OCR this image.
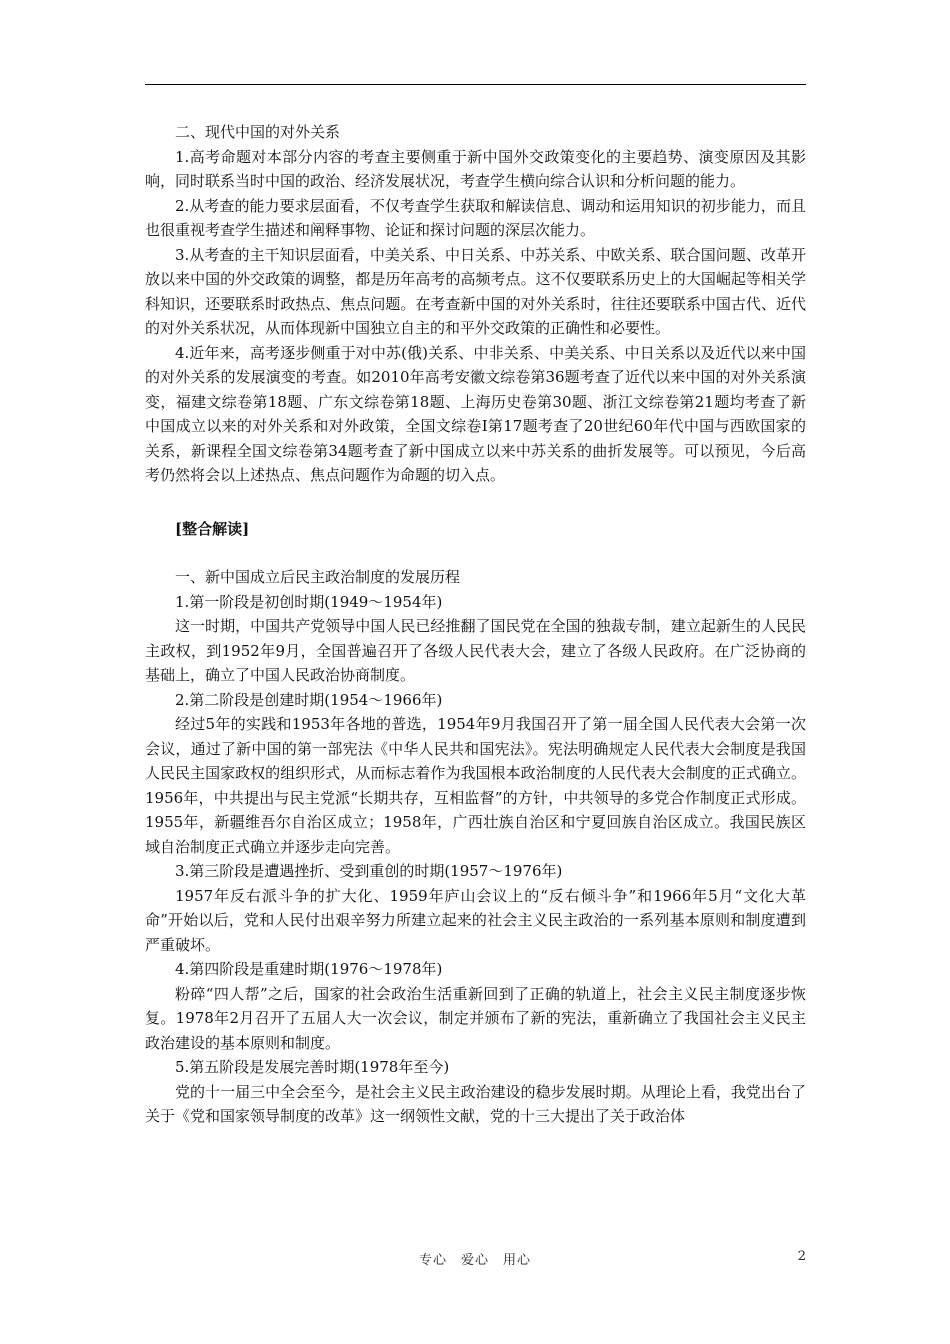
二、现代中国的对外关系

1.高考命题对本部分内容的考查主要侧重于新中国外交政策变化的主要趋势、演变原因及其影响，同时联系当时中国的政治、经济发展状况，考查学生横向综合认识和分析问题的能力。

2.从考查的能力要求层面看，不仅考查学生获取和解读信息、调动和运用知识的初步能力，而且也很重视考查学生描述和阐释事物、论证和探讨问题的深层次能力。

3.从考查的主干知识层面看，中美关系、中日关系、中苏关系、中欧关系、联合国问题、改革开放以来中国的外交政策的调整，都是历年高考的高频考点。这不仅要联系历史上的大国崛起等相关学科知识，还要联系时政热点、焦点问题。在考查新中国的对外关系时，往往还要联系中国古代、近代的对外关系状况，从而体现新中国独立自主的和平外交政策的正确性和必要性。

4.近年来，高考逐步侧重于对中苏(俄)关系、中非关系、中美关系、中日关系以及近代以来中国的对外关系的发展演变的考查。如2010年高考安徽文综卷第36题考查了近代以来中国的对外关系演变，福建文综卷第18题、广东文综卷第18题、上海历史卷第30题、浙江文综卷第21题均考查了新中国成立以来的对外关系和对外政策，全国文综卷Ⅰ第17题考查了20世纪60年代中国与西欧国家的关系，新课程全国文综卷第34题考查了新中国成立以来中苏关系的曲折发展等。可以预见，今后高考仍然将会以上述热点、焦点问题作为命题的切入点。

[整合解读]

一、新中国成立后民主政治制度的发展历程

1.第一阶段是初创时期(1949～1954年)

这一时期，中国共产党领导中国人民已经推翻了国民党在全国的独裁专制，建立起新生的人民民主政权，到1952年9月，全国普遍召开了各级人民代表大会，建立了各级人民政府。在广泛协商的基础上，确立了中国人民政治协商制度。

2.第二阶段是创建时期(1954～1966年)

经过5年的实践和1953年各地的普选，1954年9月我国召开了第一届全国人民代表大会第一次会议，通过了新中国的第一部宪法《中华人民共和国宪法》。宪法明确规定人民代表大会制度是我国人民民主国家政权的组织形式，从而标志着作为我国根本政治制度的人民代表大会制度的正式确立。1956年，中共提出与民主党派“长期共存，互相监督”的方针，中共领导的多党合作制度正式形成。1955年，新疆维吾尔自治区成立；1958年，广西壮族自治区和宁夏回族自治区成立。我国民族区域自治制度正式确立并逐步走向完善。

3.第三阶段是遭遇挫折、受到重创的时期(1957～1976年)

1957年反右派斗争的扩大化、1959年庐山会议上的“反右倾斗争”和1966年5月“文化大革命”开始以后，党和人民付出艰辛努力所建立起来的社会主义民主政治的一系列基本原则和制度遭到严重破坏。

4.第四阶段是重建时期(1976～1978年)

粉碎“四人帮”之后，国家的社会政治生活重新回到了正确的轨道上，社会主义民主制度逐步恢复。1978年2月召开了五届人大一次会议，制定并颁布了新的宪法，重新确立了我国社会主义民主政治建设的基本原则和制度。

5.第五阶段是发展完善时期(1978年至今)

党的十一届三中全会至今，是社会主义民主政治建设的稳步发展时期。从理论上看，我党出台了关于《党和国家领导制度的改革》这一纲领性文献，党的十三大提出了关于政治体

专心　爱心　用心	2
